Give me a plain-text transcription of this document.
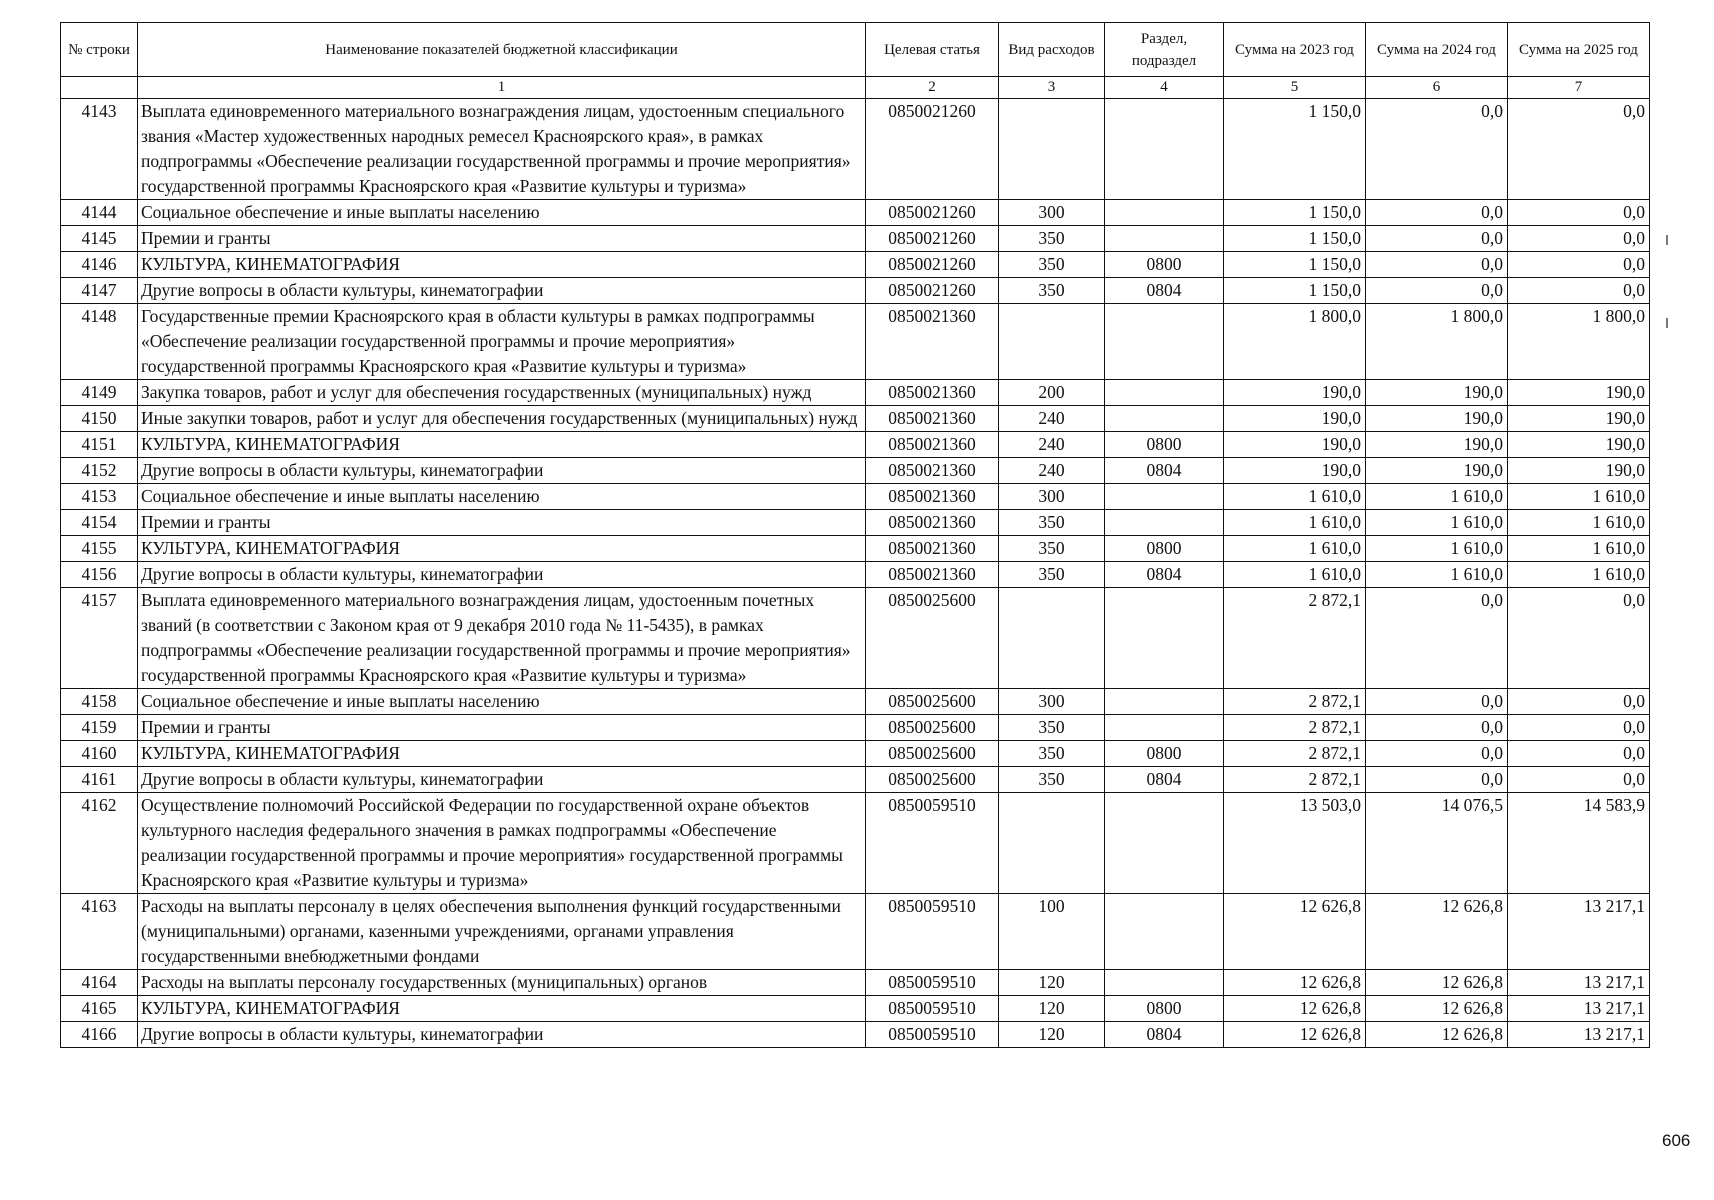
№ строки	Наименование показателей бюджетной классификации	Целевая статья	Вид расходов	Раздел, подраздел	Сумма на 2023 год	Сумма на 2024 год	Сумма на 2025 год
	1	2	3	4	5	6	7
4143	Выплата единовременного материального вознаграждения лицам, удостоенным специального звания «Мастер художественных народных ремесел Красноярского края», в рамках подпрограммы «Обеспечение реализации государственной программы и прочие мероприятия» государственной программы Красноярского края «Развитие культуры и туризма»	0850021260			1 150,0	0,0	0,0
4144	Социальное обеспечение и иные выплаты населению	0850021260	300		1 150,0	0,0	0,0
4145	Премии и гранты	0850021260	350		1 150,0	0,0	0,0
4146	КУЛЬТУРА, КИНЕМАТОГРАФИЯ	0850021260	350	0800	1 150,0	0,0	0,0
4147	Другие вопросы в области культуры, кинематографии	0850021260	350	0804	1 150,0	0,0	0,0
4148	Государственные премии Красноярского края в области культуры в рамках подпрограммы «Обеспечение реализации государственной программы и прочие мероприятия» государственной программы Красноярского края «Развитие культуры и туризма»	0850021360			1 800,0	1 800,0	1 800,0
4149	Закупка товаров, работ и услуг для обеспечения государственных (муниципальных) нужд	0850021360	200		190,0	190,0	190,0
4150	Иные закупки товаров, работ и услуг для обеспечения государственных (муниципальных) нужд	0850021360	240		190,0	190,0	190,0
4151	КУЛЬТУРА, КИНЕМАТОГРАФИЯ	0850021360	240	0800	190,0	190,0	190,0
4152	Другие вопросы в области культуры, кинематографии	0850021360	240	0804	190,0	190,0	190,0
4153	Социальное обеспечение и иные выплаты населению	0850021360	300		1 610,0	1 610,0	1 610,0
4154	Премии и гранты	0850021360	350		1 610,0	1 610,0	1 610,0
4155	КУЛЬТУРА, КИНЕМАТОГРАФИЯ	0850021360	350	0800	1 610,0	1 610,0	1 610,0
4156	Другие вопросы в области культуры, кинематографии	0850021360	350	0804	1 610,0	1 610,0	1 610,0
4157	Выплата единовременного материального вознаграждения лицам, удостоенным почетных званий (в соответствии с Законом края от 9 декабря 2010 года № 11-5435), в рамках подпрограммы «Обеспечение реализации государственной программы и прочие мероприятия» государственной программы Красноярского края «Развитие культуры и туризма»	0850025600			2 872,1	0,0	0,0
4158	Социальное обеспечение и иные выплаты населению	0850025600	300		2 872,1	0,0	0,0
4159	Премии и гранты	0850025600	350		2 872,1	0,0	0,0
4160	КУЛЬТУРА, КИНЕМАТОГРАФИЯ	0850025600	350	0800	2 872,1	0,0	0,0
4161	Другие вопросы в области культуры, кинематографии	0850025600	350	0804	2 872,1	0,0	0,0
4162	Осуществление полномочий Российской Федерации по государственной охране объектов культурного наследия федерального значения в рамках подпрограммы «Обеспечение реализации государственной программы и прочие мероприятия» государственной программы Красноярского края «Развитие культуры и туризма»	0850059510			13 503,0	14 076,5	14 583,9
4163	Расходы на выплаты персоналу в целях обеспечения выполнения функций государственными (муниципальными) органами, казенными учреждениями, органами управления государственными внебюджетными фондами	0850059510	100		12 626,8	12 626,8	13 217,1
4164	Расходы на выплаты персоналу государственных (муниципальных) органов	0850059510	120		12 626,8	12 626,8	13 217,1
4165	КУЛЬТУРА, КИНЕМАТОГРАФИЯ	0850059510	120	0800	12 626,8	12 626,8	13 217,1
4166	Другие вопросы в области культуры, кинематографии	0850059510	120	0804	12 626,8	12 626,8	13 217,1
606
